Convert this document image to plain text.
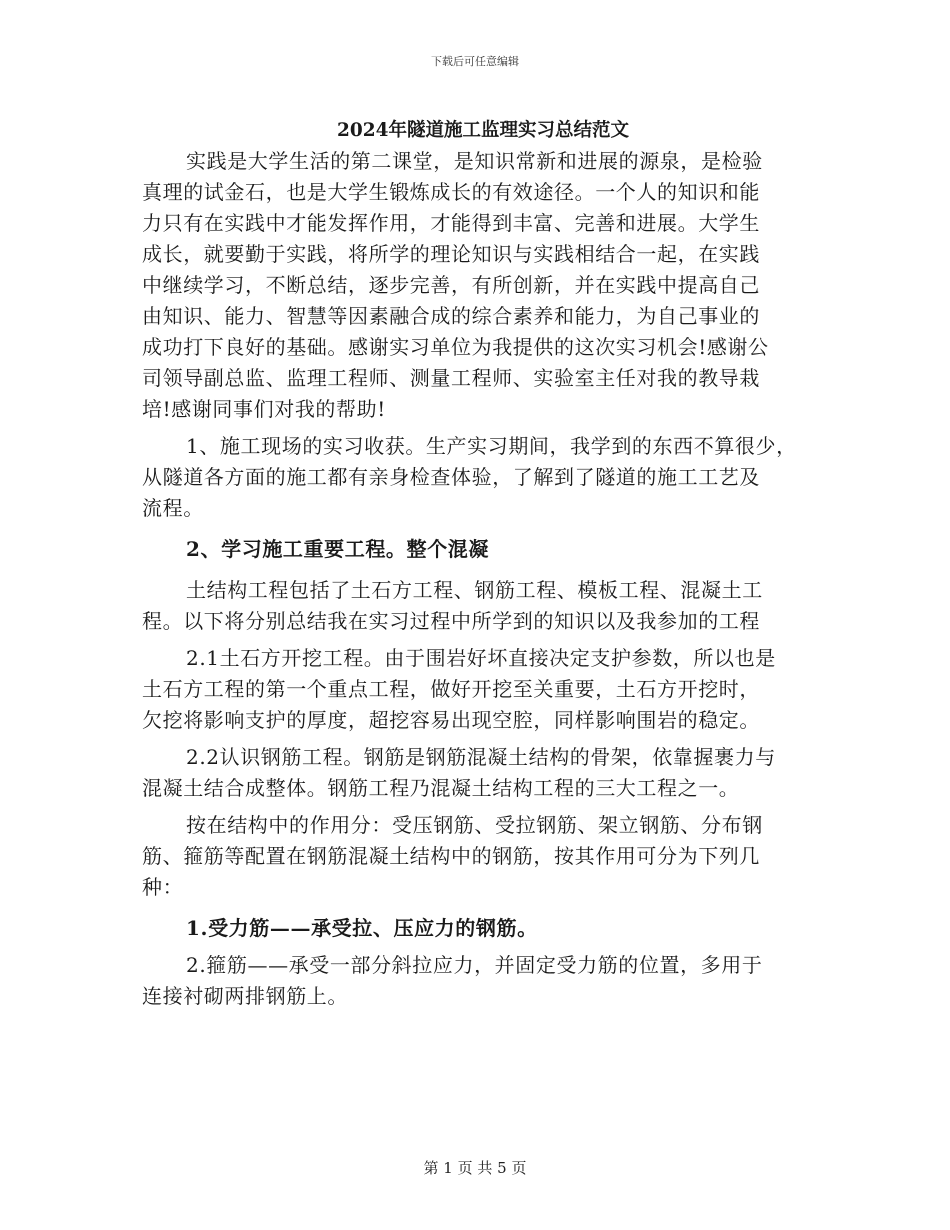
下载后可任意编辑
2024年隧道施工监理实习总结范文
实践是大学生活的第二课堂，是知识常新和进展的源泉，是检验
真理的试金石，也是大学生锻炼成长的有效途径。一个人的知识和能
力只有在实践中才能发挥作用，才能得到丰富、完善和进展。大学生
成长，就要勤于实践，将所学的理论知识与实践相结合一起，在实践
中继续学习，不断总结，逐步完善，有所创新，并在实践中提高自己
由知识、能力、智慧等因素融合成的综合素养和能力，为自己事业的
成功打下良好的基础。感谢实习单位为我提供的这次实习机会!感谢公
司领导副总监、监理工程师、测量工程师、实验室主任对我的教导栽
培!感谢同事们对我的帮助!
1、施工现场的实习收获。生产实习期间，我学到的东西不算很少，
从隧道各方面的施工都有亲身检查体验，了解到了隧道的施工工艺及
流程。
2、学习施工重要工程。整个混凝
土结构工程包括了土石方工程、钢筋工程、模板工程、混凝土工
程。以下将分别总结我在实习过程中所学到的知识以及我参加的工程
2.1土石方开挖工程。由于围岩好坏直接决定支护参数，所以也是
土石方工程的第一个重点工程，做好开挖至关重要，土石方开挖时，
欠挖将影响支护的厚度，超挖容易出现空腔，同样影响围岩的稳定。
2.2认识钢筋工程。钢筋是钢筋混凝土结构的骨架，依靠握裹力与
混凝土结合成整体。钢筋工程乃混凝土结构工程的三大工程之一。
按在结构中的作用分：受压钢筋、受拉钢筋、架立钢筋、分布钢
筋、箍筋等配置在钢筋混凝土结构中的钢筋，按其作用可分为下列几
种：
1.受力筋——承受拉、压应力的钢筋。
2.箍筋——承受一部分斜拉应力，并固定受力筋的位置，多用于
连接衬砌两排钢筋上。
第 1 页 共 5 页
